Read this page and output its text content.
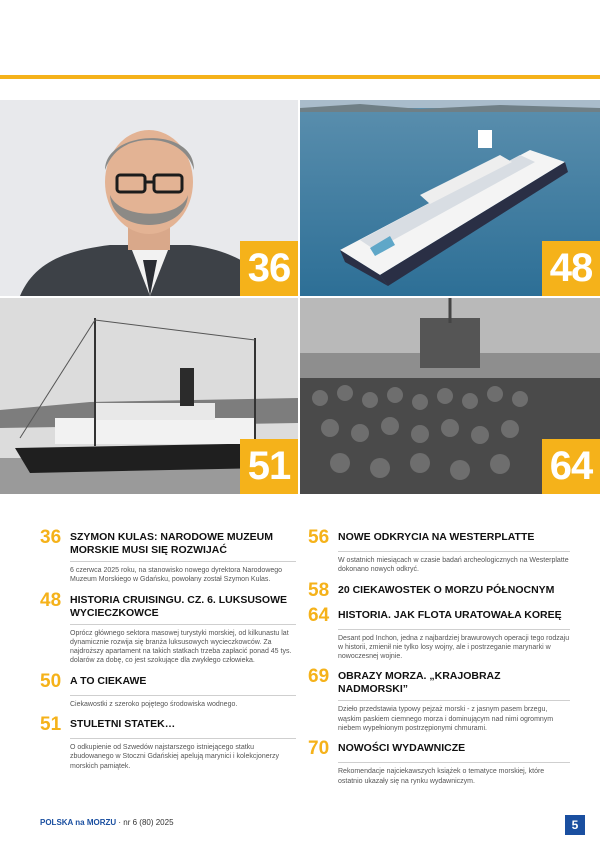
36	48
51	64
36 SZYMON KULAS: NARODOWE MUZEUM MORSKIE MUSI SIĘ ROZWIJAĆ
6 czerwca 2025 roku, na stanowisko nowego dyrektora Narodowego Muzeum Morskiego w Gdańsku, powołany został Szymon Kulas.
48 HISTORIA CRUISINGU. CZ. 6. LUKSUSOWE WYCIECZKOWCE
Oprócz głównego sektora masowej turystyki morskiej, od kilkunastu lat dynamicznie rozwija się branża luksusowych wycieczkowców. Za najdroższy apartament na takich statkach trzeba zapłacić ponad 45 tys. dolarów za dobę, co jest szokujące dla zwykłego człowieka.
50 A TO CIEKAWE
Ciekawostki z szeroko pojętego środowiska wodnego.
51 STULETNI STATEK…
O odkupienie od Szwedów najstarszego istniejącego statku zbudowanego w Stoczni Gdańskiej apelują marynici i kolekcjonerzy morskich pamiątek.
56 NOWE ODKRYCIA NA WESTERPLATTE
W ostatnich miesiącach w czasie badań archeologicznych na Westerplatte dokonano nowych odkryć.
58 20 CIEKAWOSTEK O MORZU PÓŁNOCNYM
64 HISTORIA. JAK FLOTA URATOWAŁA KOREĘ
Desant pod Inchon, jedna z najbardziej brawurowych operacji tego rodzaju w historii, zmienił nie tylko losy wojny, ale i postrzeganie marynarki w nowoczesnej wojnie.
69 OBRAZY MORZA. „KRAJOBRAZ NADMORSKI”
Dzieło przedstawia typowy pejzaż morski - z jasnym pasem brzegu, wąskim paskiem ciemnego morza i dominującym nad nimi ogromnym niebem wypełnionym postrzępionymi chmurami.
70 NOWOŚCI WYDAWNICZE
Rekomendacje najciekawszych książek o tematyce morskiej, które ostatnio ukazały się na rynku wydawniczym.
POLSKA na MORZU · nr 6 (80) 2025	5
